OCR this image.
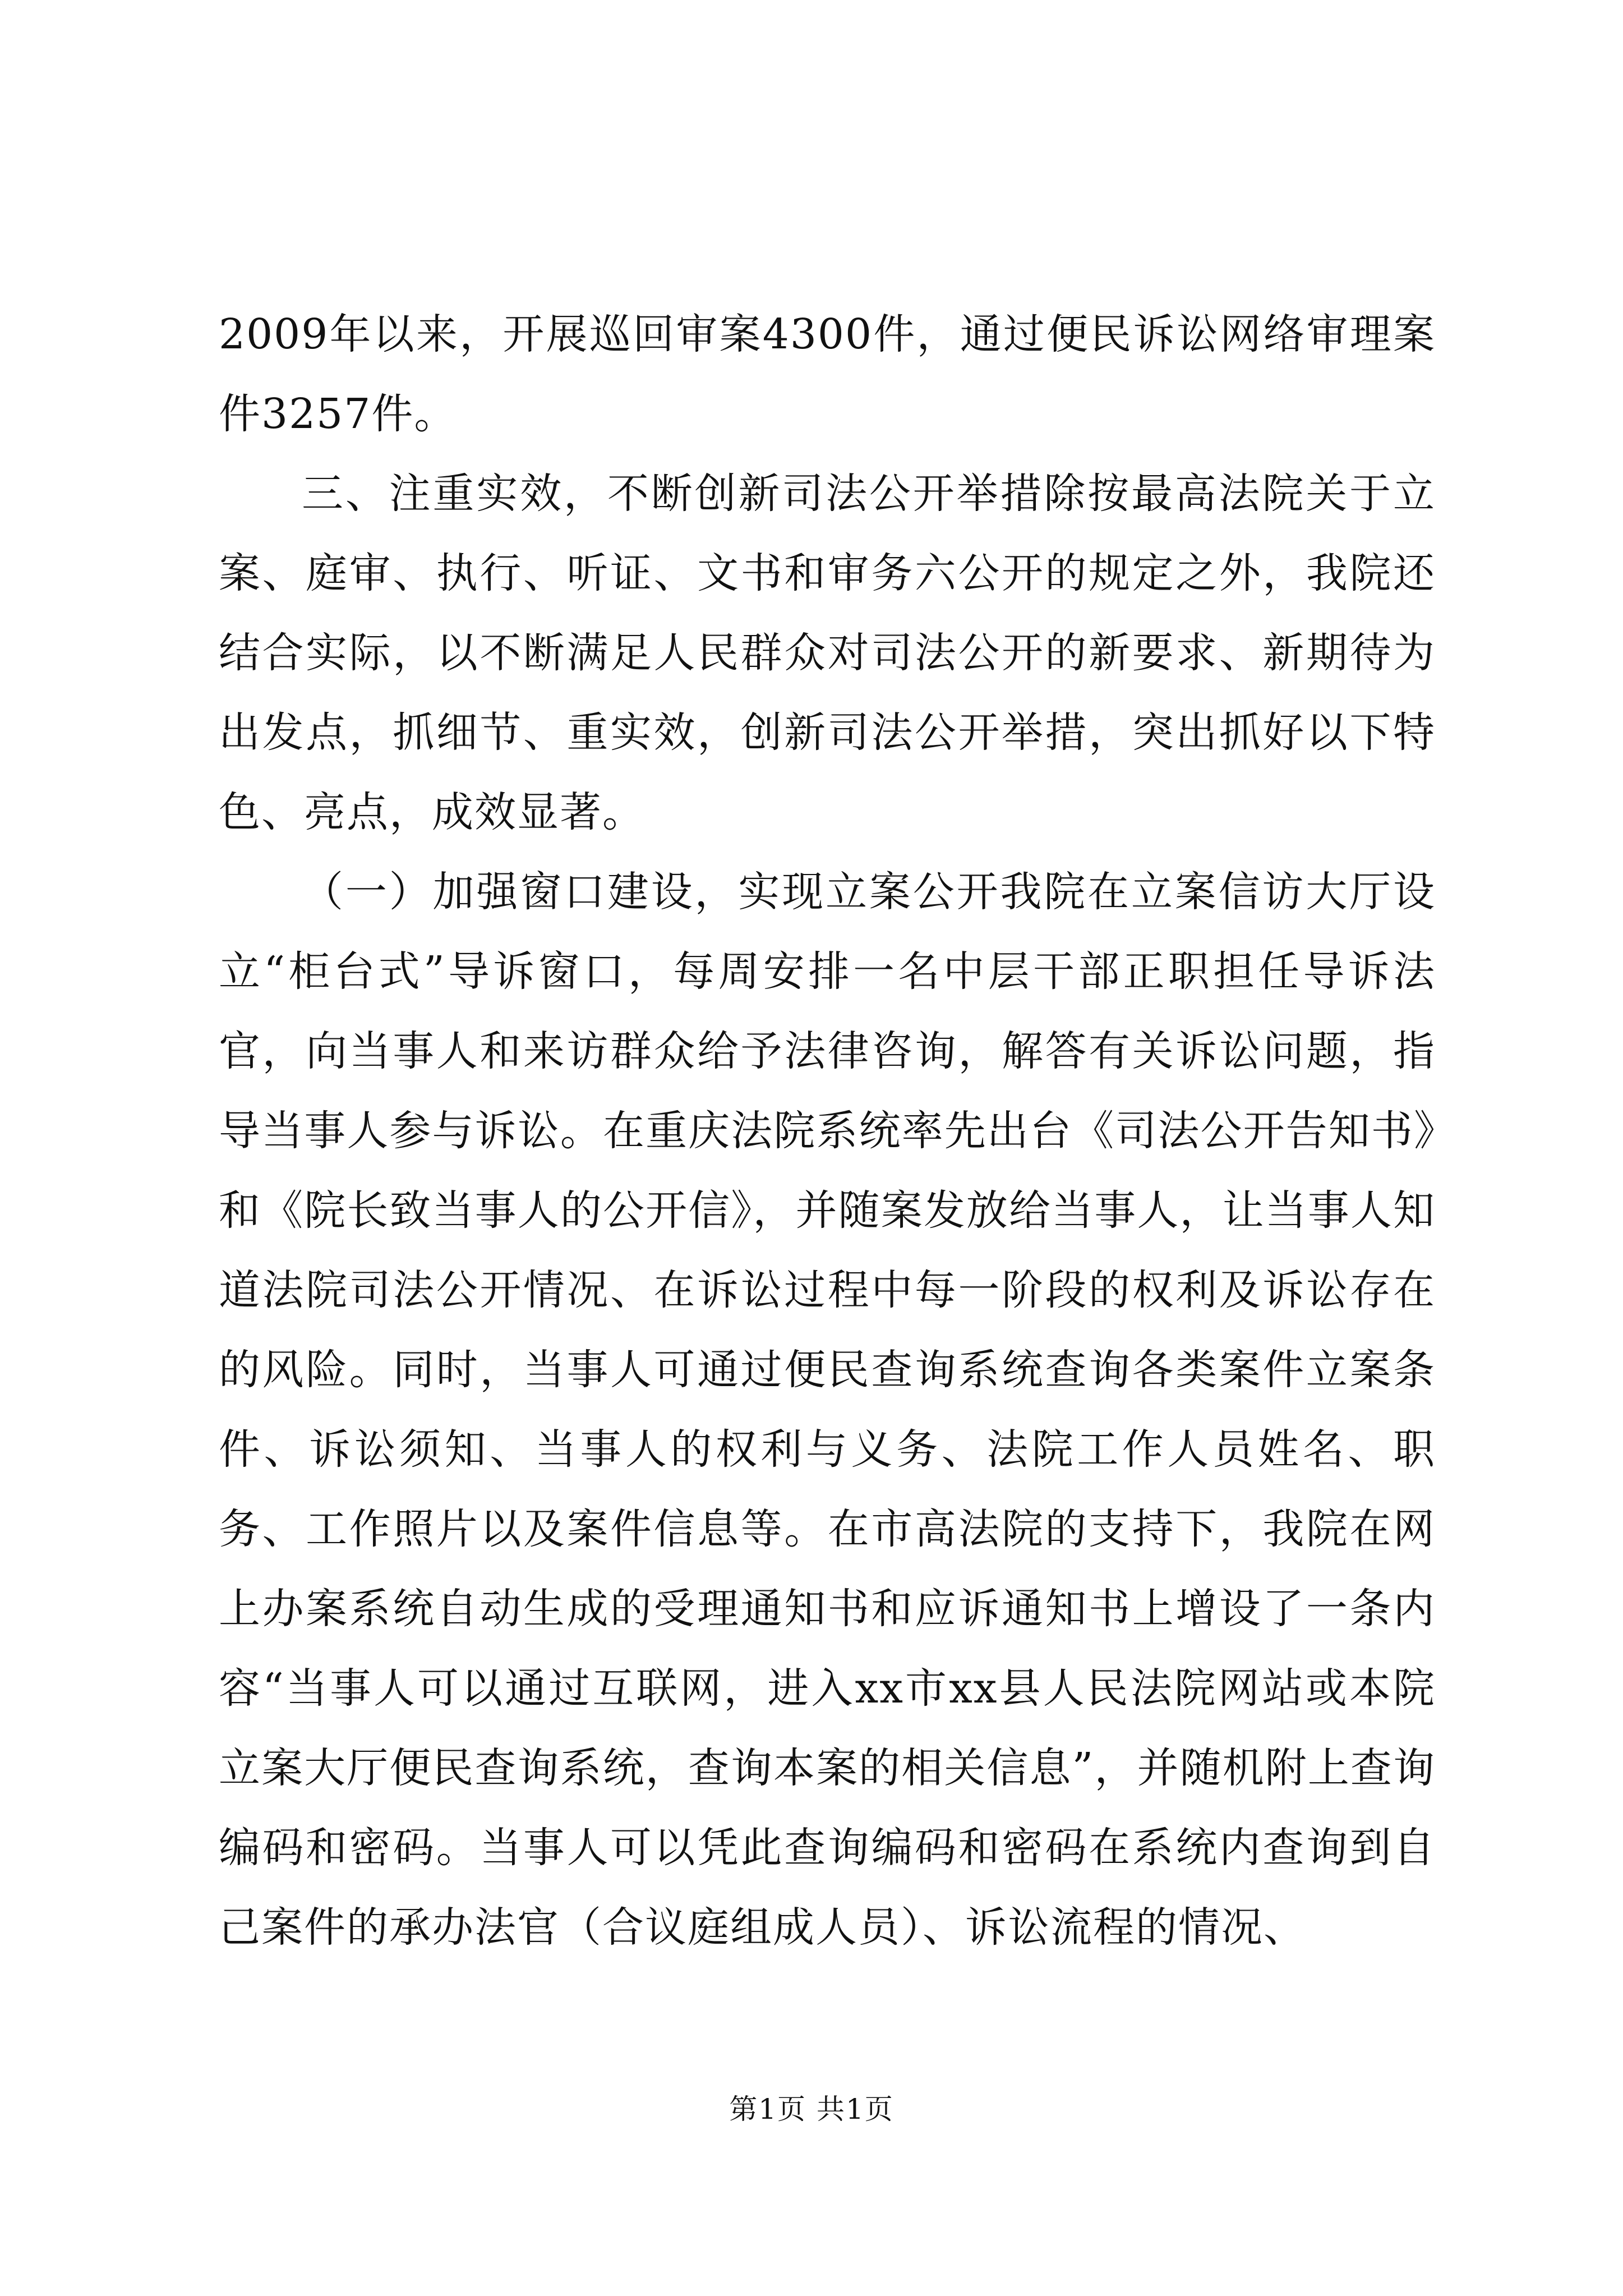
2009年以来，开展巡回审案4300件，通过便民诉讼网络审理案件3257件。

三、注重实效，不断创新司法公开举措除按最高法院关于立案、庭审、执行、听证、文书和审务六公开的规定之外，我院还结合实际，以不断满足人民群众对司法公开的新要求、新期待为出发点，抓细节、重实效，创新司法公开举措，突出抓好以下特色、亮点，成效显著。

（一）加强窗口建设，实现立案公开我院在立案信访大厅设立“柜台式”导诉窗口，每周安排一名中层干部正职担任导诉法官，向当事人和来访群众给予法律咨询，解答有关诉讼问题，指导当事人参与诉讼。在重庆法院系统率先出台《司法公开告知书》和《院长致当事人的公开信》，并随案发放给当事人，让当事人知道法院司法公开情况、在诉讼过程中每一阶段的权利及诉讼存在的风险。同时，当事人可通过便民查询系统查询各类案件立案条件、诉讼须知、当事人的权利与义务、法院工作人员姓名、职务、工作照片以及案件信息等。在市高法院的支持下，我院在网上办案系统自动生成的受理通知书和应诉通知书上增设了一条内容“当事人可以通过互联网，进入xx市xx县人民法院网站或本院立案大厅便民查询系统，查询本案的相关信息”，并随机附上查询编码和密码。当事人可以凭此查询编码和密码在系统内查询到自己案件的承办法官（合议庭组成人员）、诉讼流程的情况、

第1页 共1页
